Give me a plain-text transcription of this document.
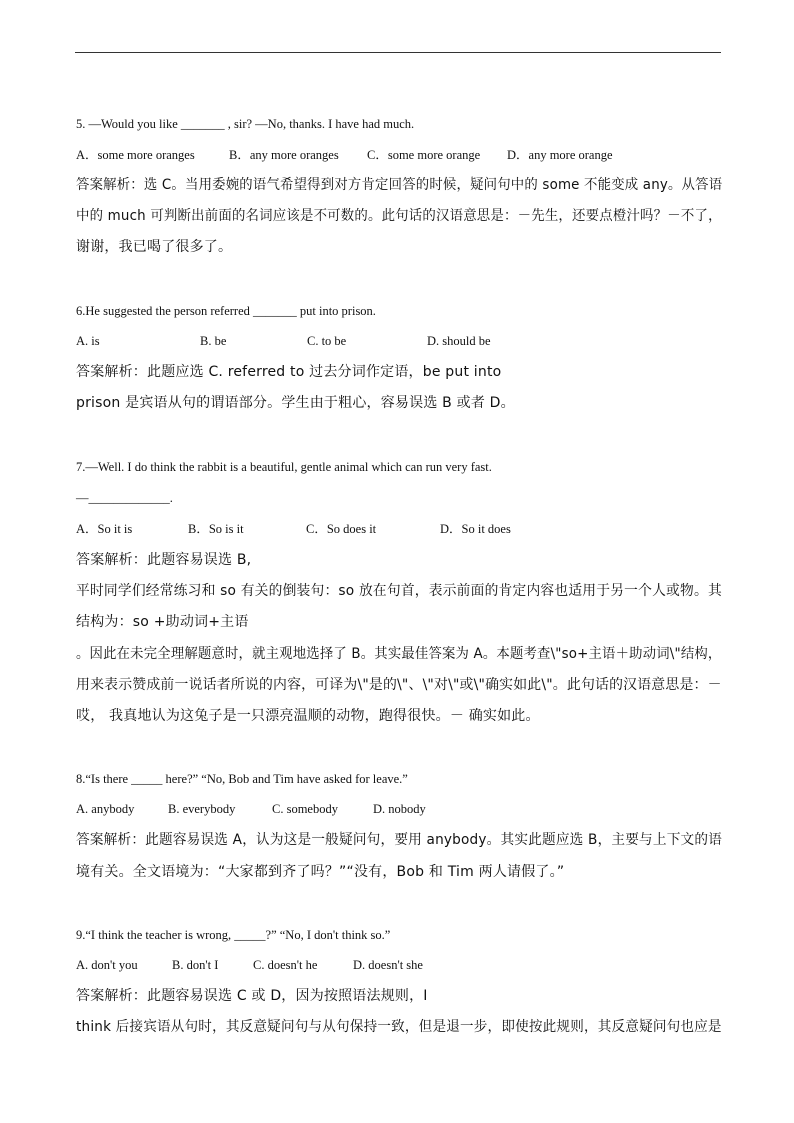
5. —Would you like _______ , sir? —No, thanks. I have had much.
A．some more oranges	B．any more oranges C．some more orange D．any more orange
答案解析：选 C。当用委婉的语气希望得到对方肯定回答的时候，疑问句中的 some 不能变成 any。从答语
中的 much 可判断出前面的名词应该是不可数的。此句话的汉语意思是：－先生，还要点橙汁吗？－不了，
谢谢，我已喝了很多了。
6.He suggested the person referred _______ put into prison.
A. is	B. be	C. to be	D. should be
答案解析：此题应选 C. referred to 过去分词作定语，be put into
prison 是宾语从句的谓语部分。学生由于粗心，容易误选 B 或者 D。
7.—Well. I do think the rabbit is a beautiful, gentle animal which can run very fast.
—_____________.
A．So it is	B．So is it	C．So does it	D．So it does
答案解析：此题容易误选 B,
平时同学们经常练习和 so 有关的倒装句：so 放在句首，表示前面的肯定内容也适用于另一个人或物。其
结构为：so +助动词+主语
。因此在未完全理解题意时，就主观地选择了 B。其实最佳答案为 A。本题考查\"so+主语＋助动词\"结构，
用来表示赞成前一说话者所说的内容，可译为\"是的\"、\"对\"或\"确实如此\"。此句话的汉语意思是：－
哎， 我真地认为这兔子是一只漂亮温顺的动物，跑得很快。－ 确实如此。
8.“Is there _____ here?” “No, Bob and Tim have asked for leave.”
A. anybody	B. everybody	C. somebody	D. nobody
答案解析：此题容易误选 A，认为这是一般疑问句，要用 anybody。其实此题应选 B，主要与上下文的语
境有关。全文语境为：“大家都到齐了吗？”“没有，Bob 和 Tim 两人请假了。”
9.“I think the teacher is wrong, _____?” “No, I don't think so.”
A. don't you	B. don't I	C. doesn't he	D. doesn't she
答案解析：此题容易误选 C 或 D，因为按照语法规则，I
think 后接宾语从句时，其反意疑问句与从句保持一致，但是退一步，即使按此规则，其反意疑问句也应是
